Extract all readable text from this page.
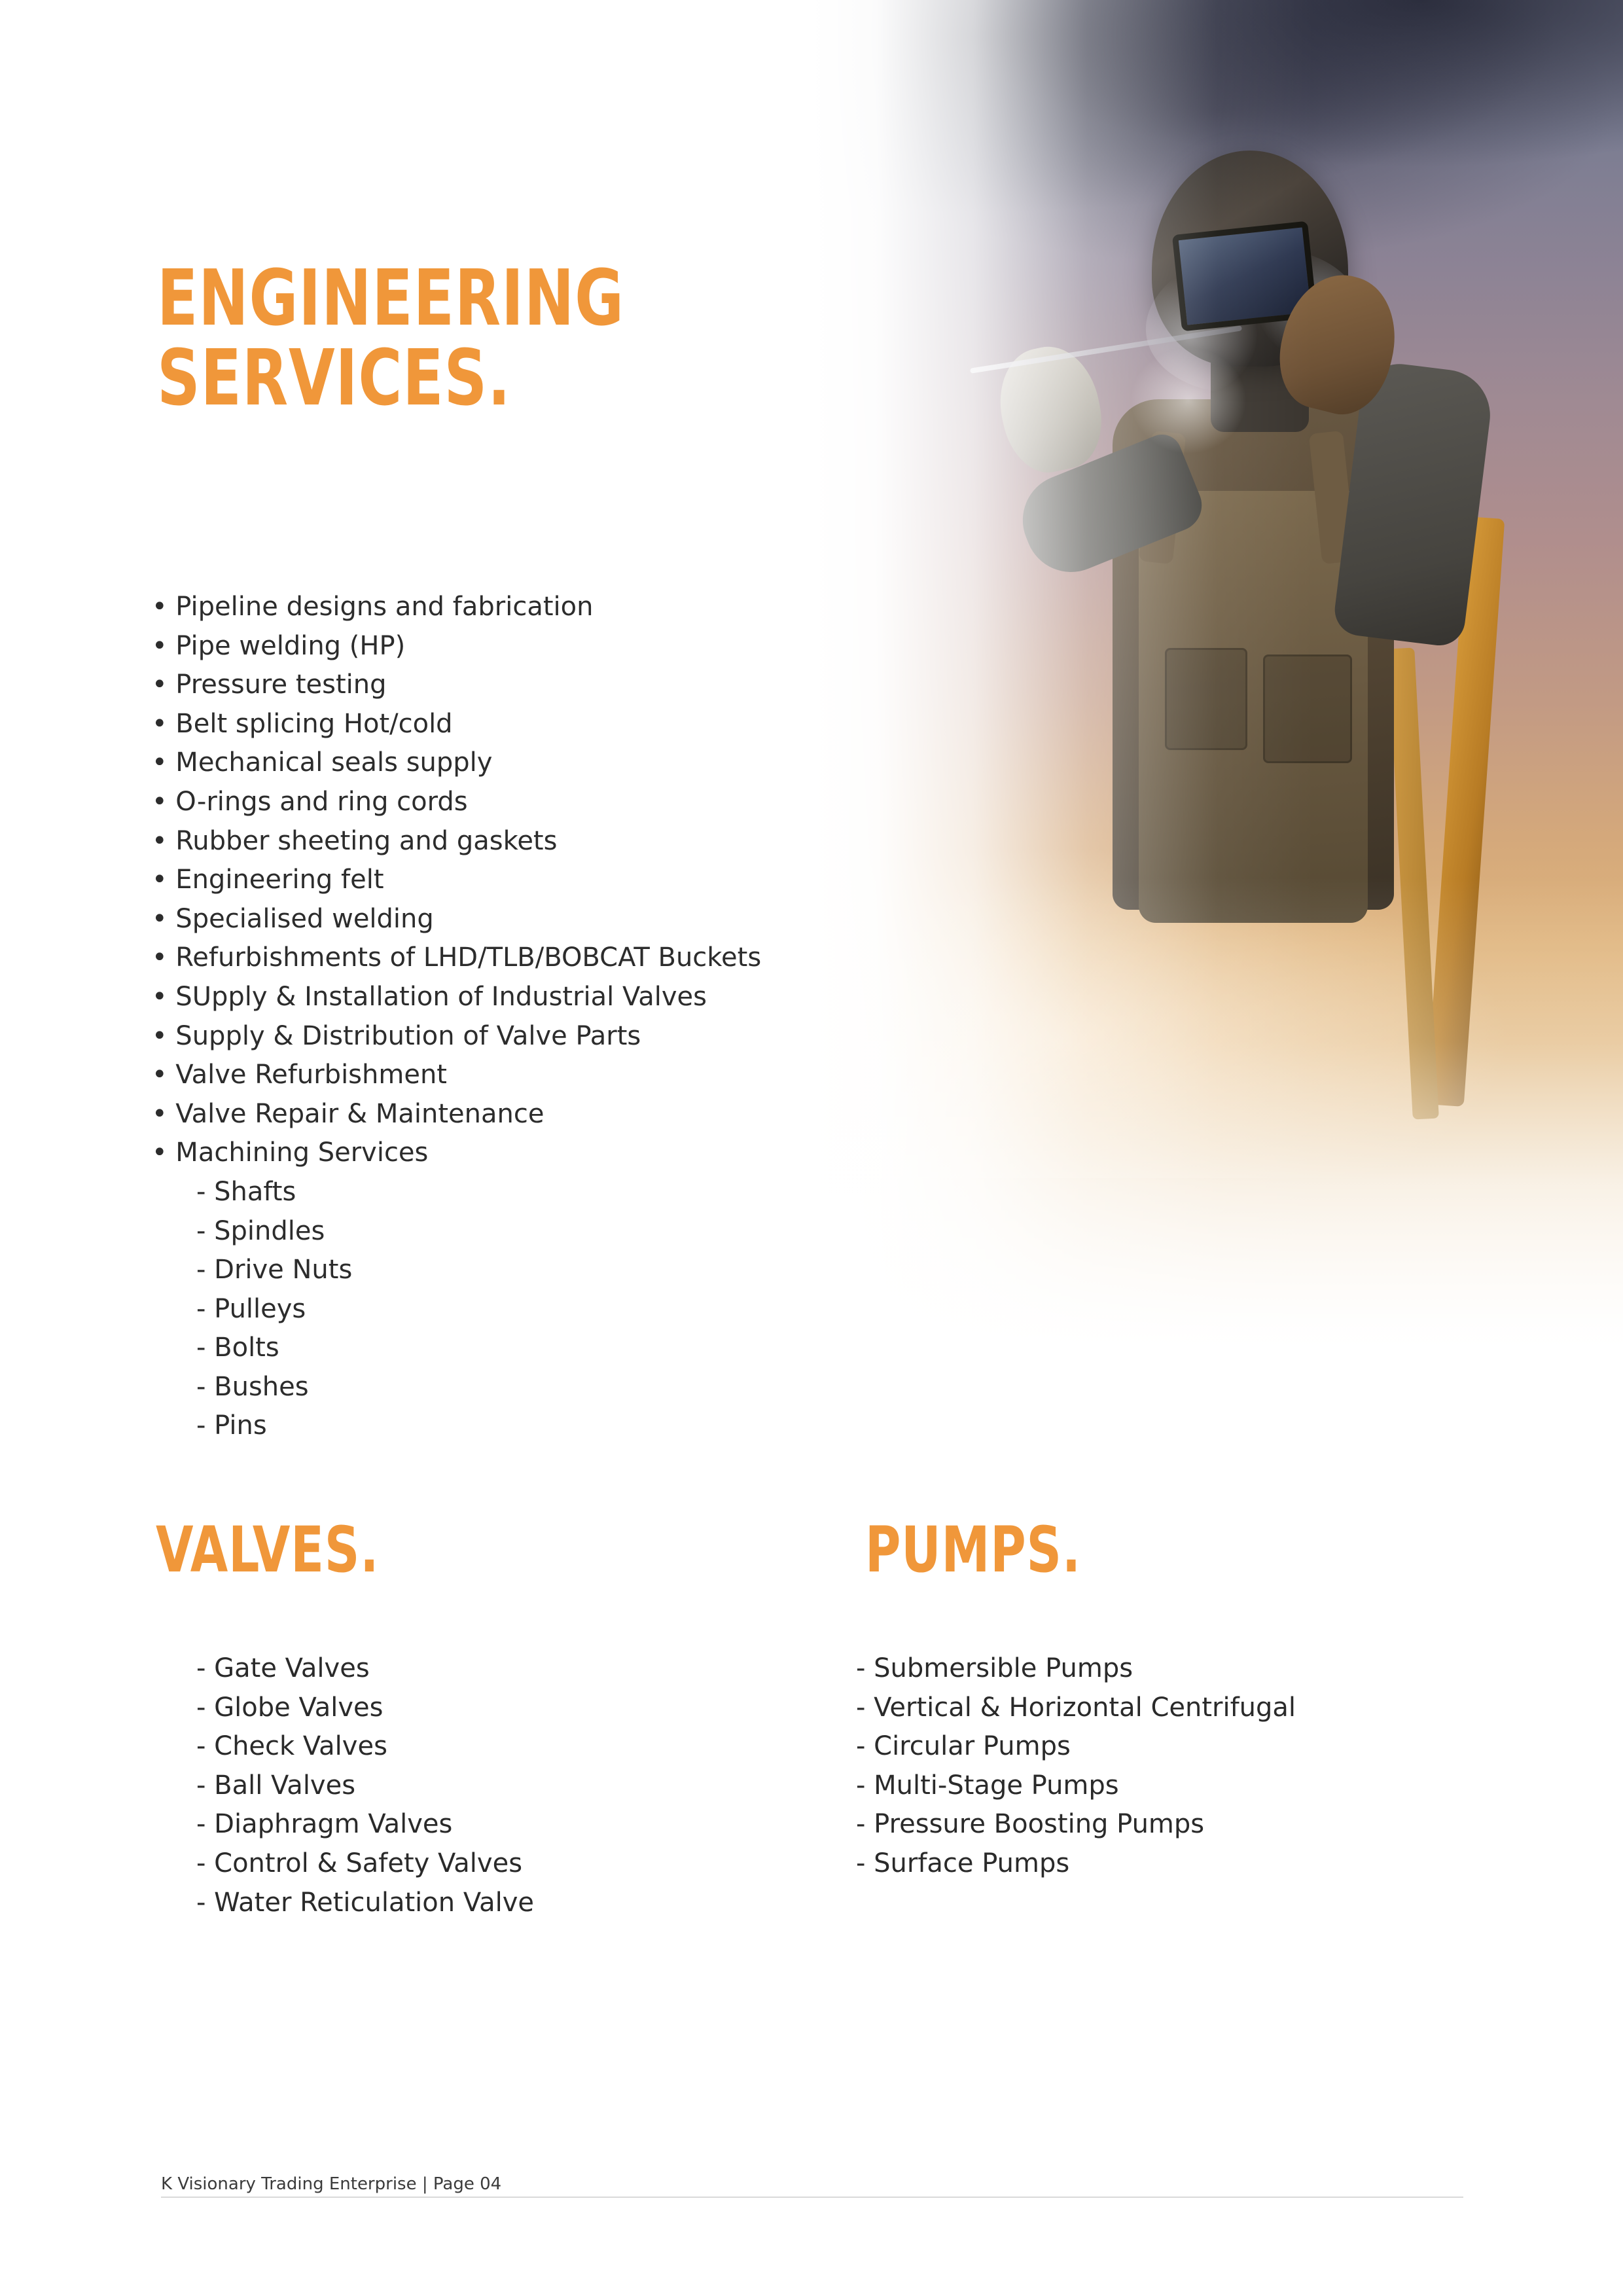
ENGINEERING
SERVICES.
• Pipeline designs and fabrication
• Pipe welding (HP)
• Pressure testing
• Belt splicing Hot/cold
• Mechanical seals supply
• O-rings and ring cords
• Rubber sheeting and gaskets
• Engineering felt
• Specialised welding
• Refurbishments of LHD/TLB/BOBCAT Buckets
• SUpply & Installation of Industrial Valves
• Supply & Distribution of Valve Parts
• Valve Refurbishment
• Valve Repair & Maintenance
• Machining Services
- Shafts
- Spindles
- Drive Nuts
- Pulleys
- Bolts
- Bushes
- Pins
VALVES.
- Gate Valves
- Globe Valves
- Check Valves
- Ball Valves
- Diaphragm Valves
- Control & Safety Valves
- Water Reticulation Valve
PUMPS.
- Submersible Pumps
- Vertical & Horizontal Centrifugal
- Circular Pumps
- Multi-Stage Pumps
- Pressure Boosting Pumps
- Surface Pumps
K Visionary Trading Enterprise | Page 04
